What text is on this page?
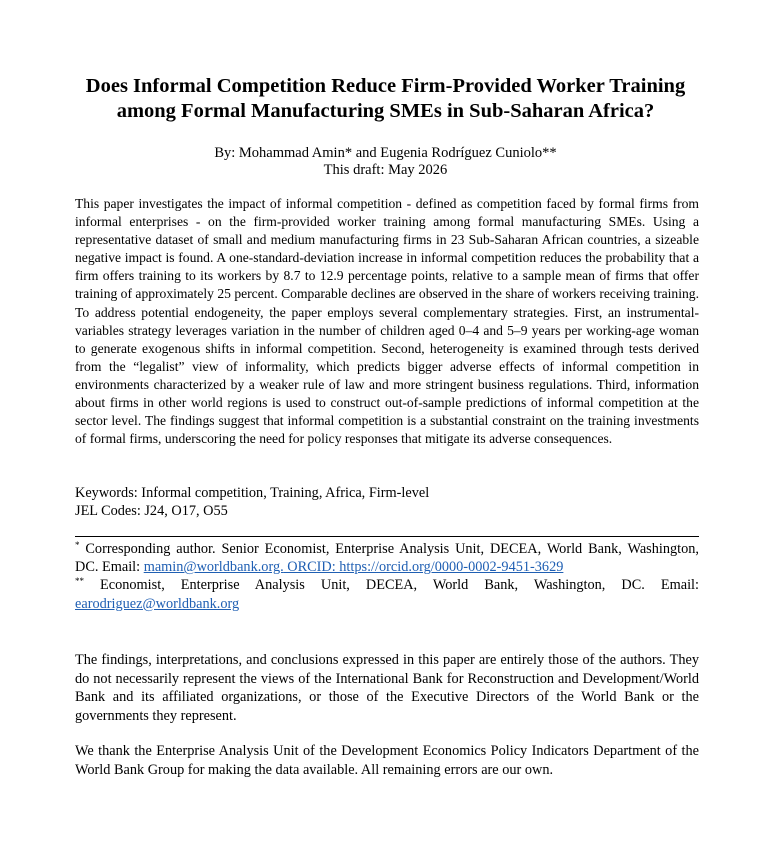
Does Informal Competition Reduce Firm-Provided Worker Training
among Formal Manufacturing SMEs in Sub-Saharan Africa?
By: Mohammad Amin* and Eugenia Rodríguez Cuniolo**
This draft: May 2026
This paper investigates the impact of informal competition - defined as competition faced by formal firms from informal enterprises - on the firm-provided worker training among formal manufacturing SMEs. Using a representative dataset of small and medium manufacturing firms in 23 Sub-Saharan African countries, a sizeable negative impact is found. A one-standard-deviation increase in informal competition reduces the probability that a firm offers training to its workers by 8.7 to 12.9 percentage points, relative to a sample mean of firms that offer training of approximately 25 percent. Comparable declines are observed in the share of workers receiving training. To address potential endogeneity, the paper employs several complementary strategies. First, an instrumental-variables strategy leverages variation in the number of children aged 0–4 and 5–9 years per working-age woman to generate exogenous shifts in informal competition. Second, heterogeneity is examined through tests derived from the “legalist” view of informality, which predicts bigger adverse effects of informal competition in environments characterized by a weaker rule of law and more stringent business regulations. Third, information about firms in other world regions is used to construct out-of-sample predictions of informal competition at the sector level. The findings suggest that informal competition is a substantial constraint on the training investments of formal firms, underscoring the need for policy responses that mitigate its adverse consequences.
Keywords: Informal competition, Training, Africa, Firm-level
JEL Codes: J24, O17, O55

* Corresponding author. Senior Economist, Enterprise Analysis Unit, DECEA, World Bank, Washington, DC. Email: mamin@worldbank.org. ORCID: https://orcid.org/0000-0002-9451-3629

** Economist, Enterprise Analysis Unit, DECEA, World Bank, Washington, DC. Email: earodriguez@worldbank.org

The findings, interpretations, and conclusions expressed in this paper are entirely those of the authors. They do not necessarily represent the views of the International Bank for Reconstruction and Development/World Bank and its affiliated organizations, or those of the Executive Directors of the World Bank or the governments they represent.
We thank the Enterprise Analysis Unit of the Development Economics Policy Indicators Department of the World Bank Group for making the data available. All remaining errors are our own.
